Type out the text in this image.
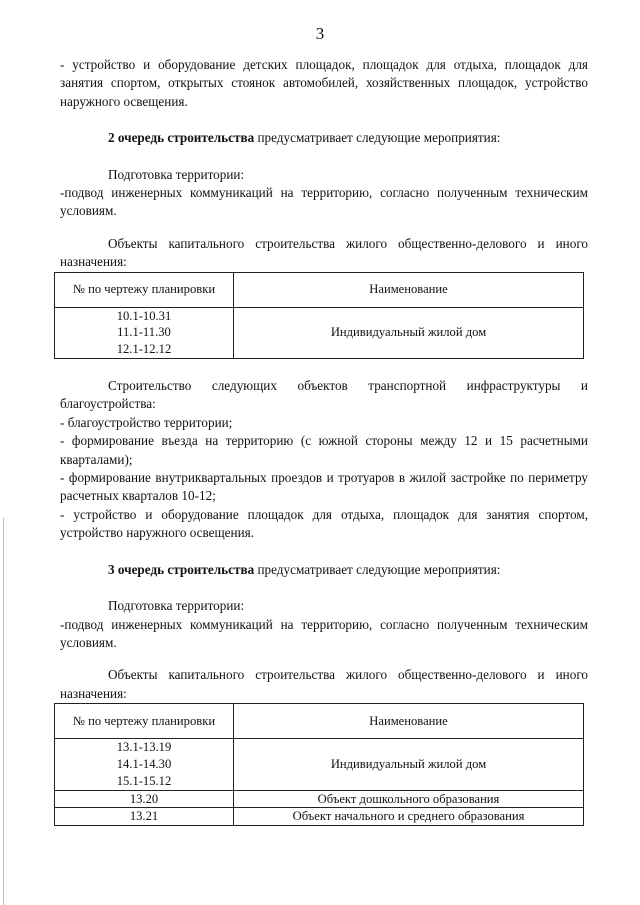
3

- устройство и оборудование детских площадок, площадок для отдыха, площадок для занятия спортом, открытых стоянок автомобилей, хозяйственных площадок, устройство наружного освещения.

2 очередь строительства предусматривает следующие мероприятия:

Подготовка территории:

-подвод инженерных коммуникаций на территорию, согласно полученным техническим условиям.

Объекты капитального строительства жилого общественно-делового и иного назначения:

№ по чертежу планировки	Наименование

10.1-10.31
11.1-11.30
12.1-12.12	Индивидуальный жилой дом

Строительство следующих объектов транспортной инфраструктуры и благоустройства:

- благоустройство территории;

- формирование въезда на территорию (с южной стороны между 12 и 15 расчетными кварталами);

- формирование внутриквартальных проездов и тротуаров в жилой застройке по периметру расчетных кварталов 10-12;

- устройство и оборудование площадок для отдыха, площадок для занятия спортом, устройство наружного освещения.

3 очередь строительства предусматривает следующие мероприятия:

Подготовка территории:

-подвод инженерных коммуникаций на территорию, согласно полученным техническим условиям.

Объекты капитального строительства жилого общественно-делового и иного назначения:

№ по чертежу планировки	Наименование

13.1-13.19
14.1-14.30
15.1-15.12	Индивидуальный жилой дом
13.20	Объект дошкольного образования
13.21	Объект начального и среднего образования
